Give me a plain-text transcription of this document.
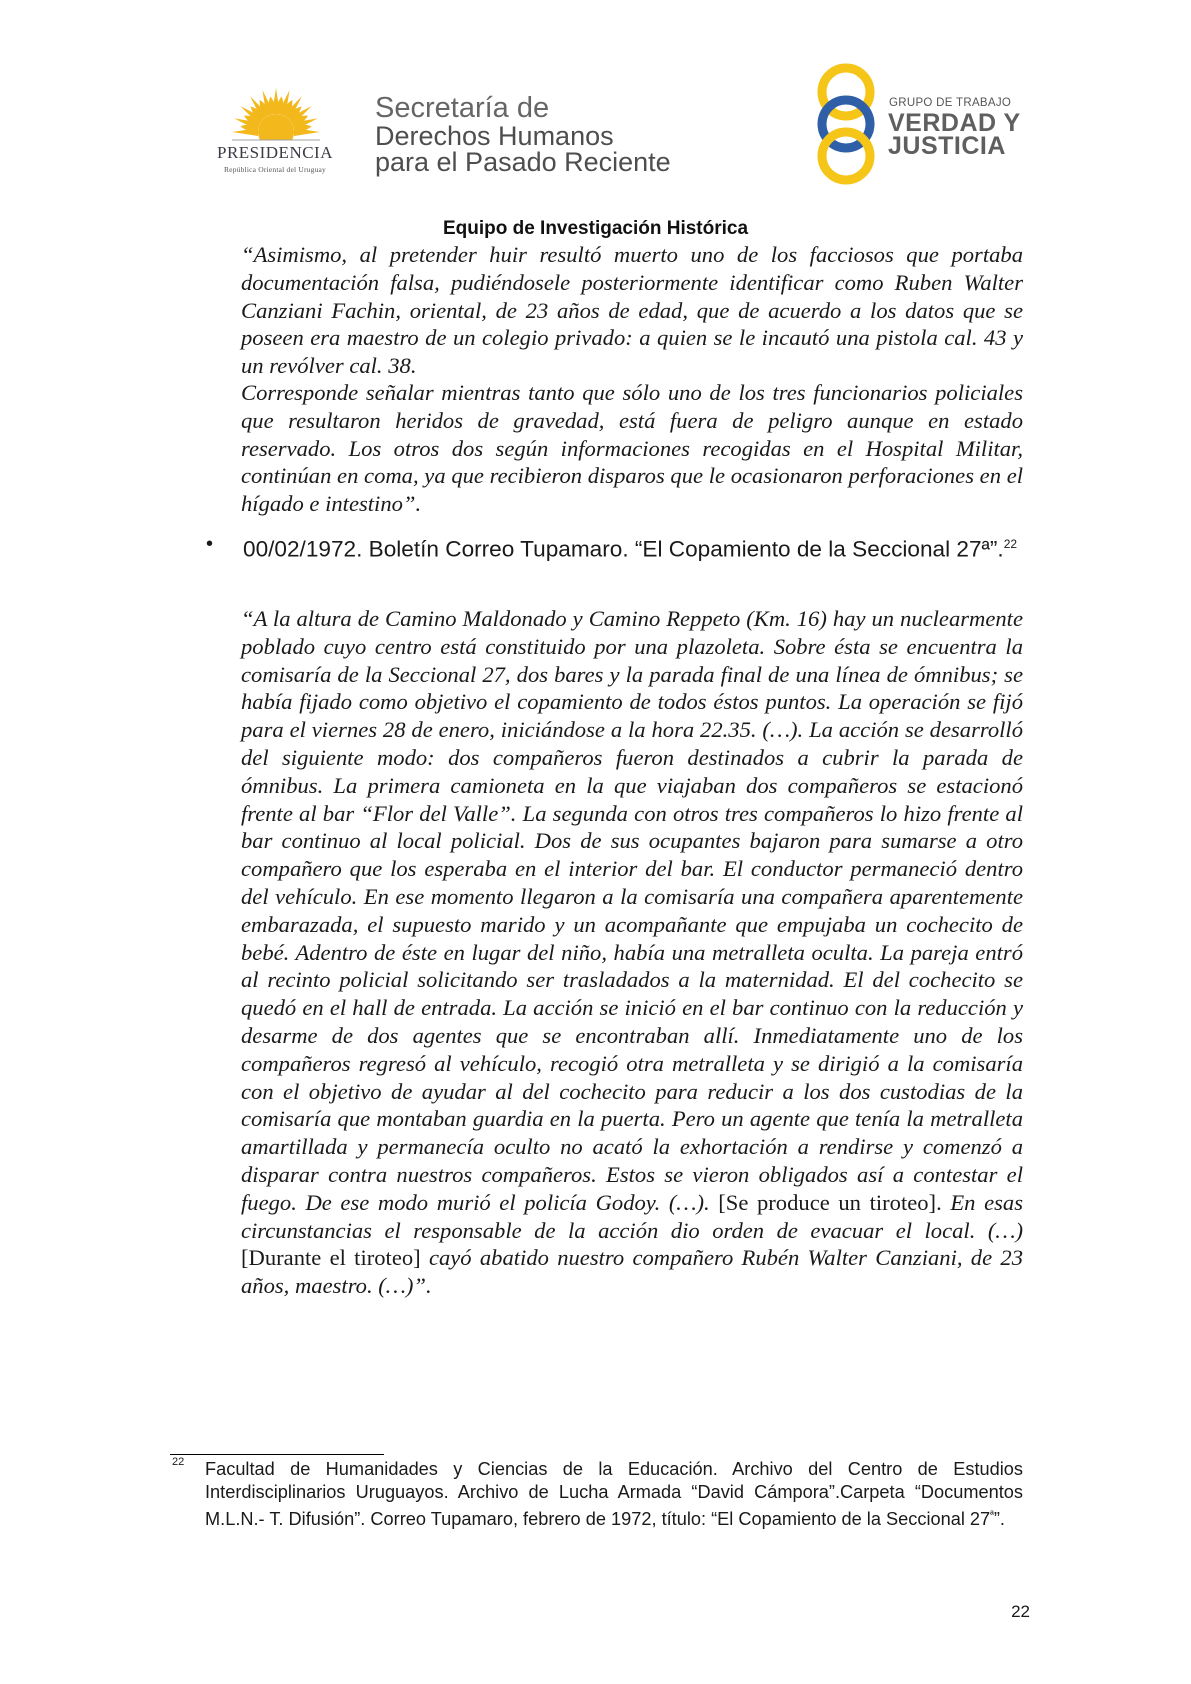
PRESIDENCIA
República Oriental del Uruguay
Secretaría de
Derechos Humanos
para el Pasado Reciente
GRUPO DE TRABAJO
VERDAD Y
JUSTICIA
Equipo de Investigación Histórica

“Asimismo, al pretender huir resultó muerto uno de los facciosos que portaba documentación falsa, pudiéndosele posteriormente identificar como Ruben Walter Canziani Fachin, oriental, de 23 años de edad, que de acuerdo a los datos que se poseen era maestro de un colegio privado: a quien se le incautó una pistola cal. 43 y un revólver cal. 38.

Corresponde señalar mientras tanto que sólo uno de los tres funcionarios policiales que resultaron heridos de gravedad, está fuera de peligro aunque en estado reservado. Los otros dos según informaciones recogidas en el Hospital Militar, continúan en coma, ya que recibieron disparos que le ocasionaron perforaciones en el hígado e intestino”.

• 00/02/1972. Boletín Correo Tupamaro. “El Copamiento de la Seccional 27ª”.$^{22}$

“A la altura de Camino Maldonado y Camino Reppeto (Km. 16) hay un nuclearmente poblado cuyo centro está constituido por una plazoleta. Sobre ésta se encuentra la comisaría de la Seccional 27, dos bares y la parada final de una línea de ómnibus; se había fijado como objetivo el copamiento de todos éstos puntos. La operación se fijó para el viernes 28 de enero, iniciándose a la hora 22.35. (…). La acción se desarrolló del siguiente modo: dos compañeros fueron destinados a cubrir la parada de ómnibus. La primera camioneta en la que viajaban dos compañeros se estacionó frente al bar “Flor del Valle”. La segunda con otros tres compañeros lo hizo frente al bar continuo al local policial. Dos de sus ocupantes bajaron para sumarse a otro compañero que los esperaba en el interior del bar. El conductor permaneció dentro del vehículo. En ese momento llegaron a la comisaría una compañera aparentemente embarazada, el supuesto marido y un acompañante que empujaba un cochecito de bebé. Adentro de éste en lugar del niño, había una metralleta oculta. La pareja entró al recinto policial solicitando ser trasladados a la maternidad. El del cochecito se quedó en el hall de entrada. La acción se inició en el bar continuo con la reducción y desarme de dos agentes que se encontraban allí. Inmediatamente uno de los compañeros regresó al vehículo, recogió otra metralleta y se dirigió a la comisaría con el objetivo de ayudar al del cochecito para reducir a los dos custodias de la comisaría que montaban guardia en la puerta. Pero un agente que tenía la metralleta amartillada y permanecía oculto no acató la exhortación a rendirse y comenzó a disparar contra nuestros compañeros. Estos se vieron obligados así a contestar el fuego. De ese modo murió el policía Godoy. (…). [Se produce un tiroteo]. En esas circunstancias el responsable de la acción dio orden de evacuar el local. (…) [Durante el tiroteo] cayó abatido nuestro compañero Rubén Walter Canziani, de 23 años, maestro. (…)”.

22 Facultad de Humanidades y Ciencias de la Educación. Archivo del Centro de Estudios Interdisciplinarios Uruguayos. Archivo de Lucha Armada “David Cámpora”.Carpeta “Documentos M.L.N.- T. Difusión”. Correo Tupamaro, febrero de 1972, título: “El Copamiento de la Seccional $27^ª$”.

22
